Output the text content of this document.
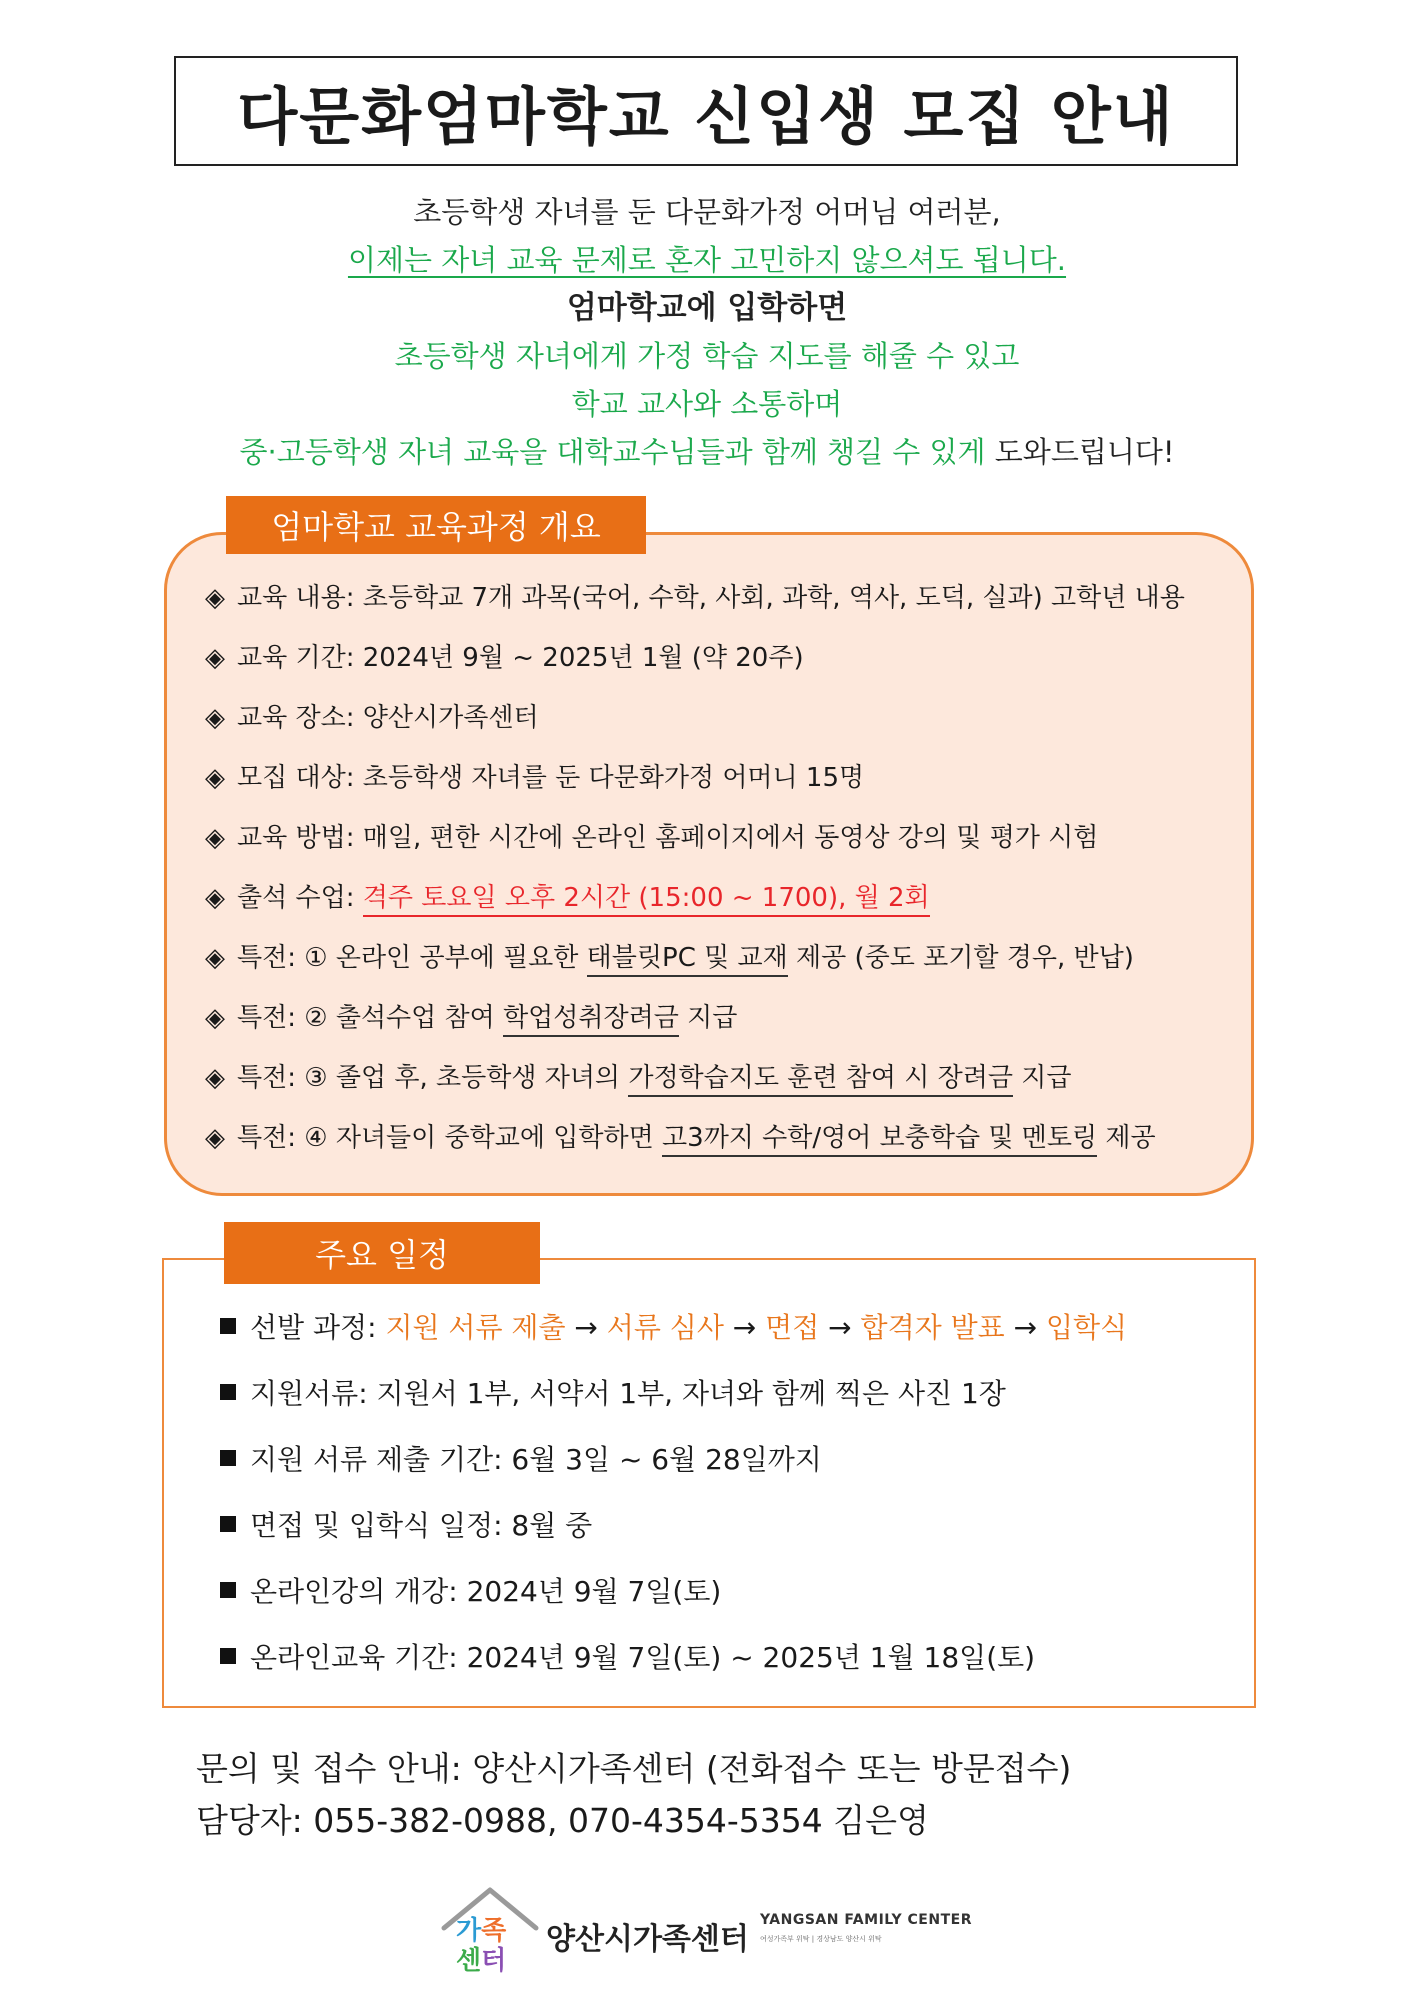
다문화엄마학교 신입생 모집 안내
초등학생 자녀를 둔 다문화가정 어머님 여러분,
이제는 자녀 교육 문제로 혼자 고민하지 않으셔도 됩니다.
엄마학교에 입학하면
초등학생 자녀에게 가정 학습 지도를 해줄 수 있고
학교 교사와 소통하며
중·고등학생 자녀 교육을 대학교수님들과 함께 챙길 수 있게 도와드립니다!
엄마학교 교육과정 개요
◈ 교육 내용: 초등학교 7개 과목(국어, 수학, 사회, 과학, 역사, 도덕, 실과) 고학년 내용
◈ 교육 기간: 2024년 9월 ~ 2025년 1월 (약 20주)
◈ 교육 장소: 양산시가족센터
◈ 모집 대상: 초등학생 자녀를 둔 다문화가정 어머니 15명
◈ 교육 방법: 매일, 편한 시간에 온라인 홈페이지에서 동영상 강의 및 평가 시험
◈ 출석 수업: 격주 토요일 오후 2시간 (15:00 ~ 1700), 월 2회
◈ 특전: ① 온라인 공부에 필요한 태블릿PC 및 교재 제공 (중도 포기할 경우, 반납)
◈ 특전: ② 출석수업 참여 학업성취장려금 지급
◈ 특전: ③ 졸업 후, 초등학생 자녀의 가정학습지도 훈련 참여 시 장려금 지급
◈ 특전: ④ 자녀들이 중학교에 입학하면 고3까지 수학/영어 보충학습 및 멘토링 제공
주요 일정
선발 과정: 지원 서류 제출 → 서류 심사 → 면접 → 합격자 발표 → 입학식
지원서류: 지원서 1부, 서약서 1부, 자녀와 함께 찍은 사진 1장
지원 서류 제출 기간: 6월 3일 ~ 6월 28일까지
면접 및 입학식 일정: 8월 중
온라인강의 개강: 2024년 9월 7일(토)
온라인교육 기간: 2024년 9월 7일(토) ~ 2025년 1월 18일(토)
문의 및 접수 안내: 양산시가족센터 (전화접수 또는 방문접수)
담당자: 055-382-0988, 070-4354-5354 김은영
가족
센터
양산시가족센터
YANGSAN FAMILY CENTER
여성가족부 위탁 | 경상남도 양산시 위탁
